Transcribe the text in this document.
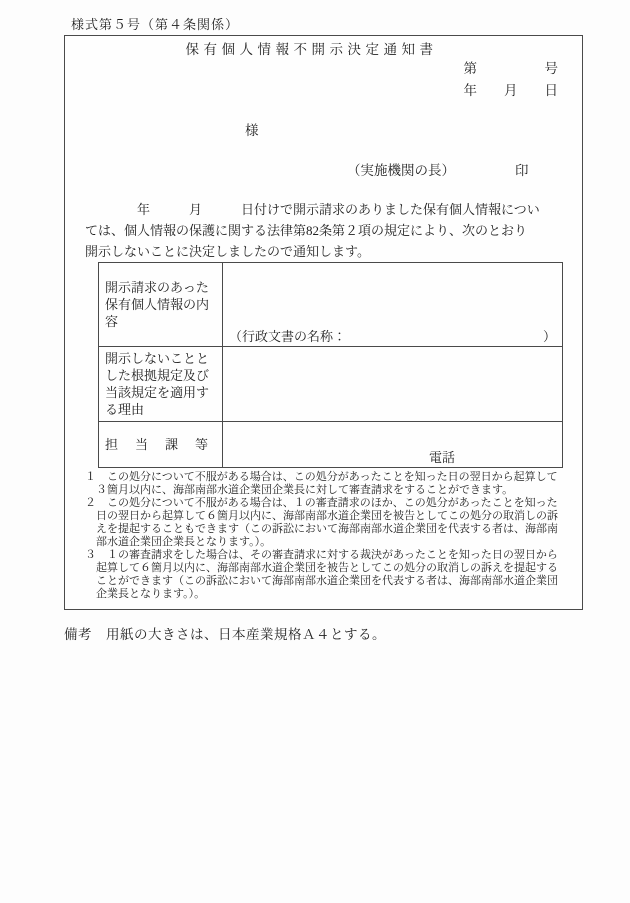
様式第５号（第４条関係）
保有個人情報不開示決定通知書
第　　　　　号
年　　月　　日
様
（実施機関の長）	印
　　　　年　　　月　　　日付けで開示請求のありました保有個人情報につい
ては、個人情報の保護に関する法律第82条第２項の規定により、次のとおり
開示しないことに決定しましたので通知します。
開示請求のあった保有個人情報の内容	（行政文書の名称： ）

開示しないこととした根拠規定及び当該規定を適用する理由	
担　当　課　等	電話
１　この処分について不服がある場合は、この処分があったことを知った日の翌日から起算して３箇月以内に、海部南部水道企業団企業長に対して審査請求をすることができます。
２　この処分について不服がある場合は、１の審査請求のほか、この処分があったことを知った日の翌日から起算して６箇月以内に、海部南部水道企業団を被告としてこの処分の取消しの訴えを提起することもできます（この訴訟において海部南部水道企業団を代表する者は、海部南部水道企業団企業長となります。）。
３　１の審査請求をした場合は、その審査請求に対する裁決があったことを知った日の翌日から起算して６箇月以内に、海部南部水道企業団を被告としてこの処分の取消しの訴えを提起することができます（この訴訟において海部南部水道企業団を代表する者は、海部南部水道企業団企業長となります。）。
備考　用紙の大きさは、日本産業規格Ａ４とする。
